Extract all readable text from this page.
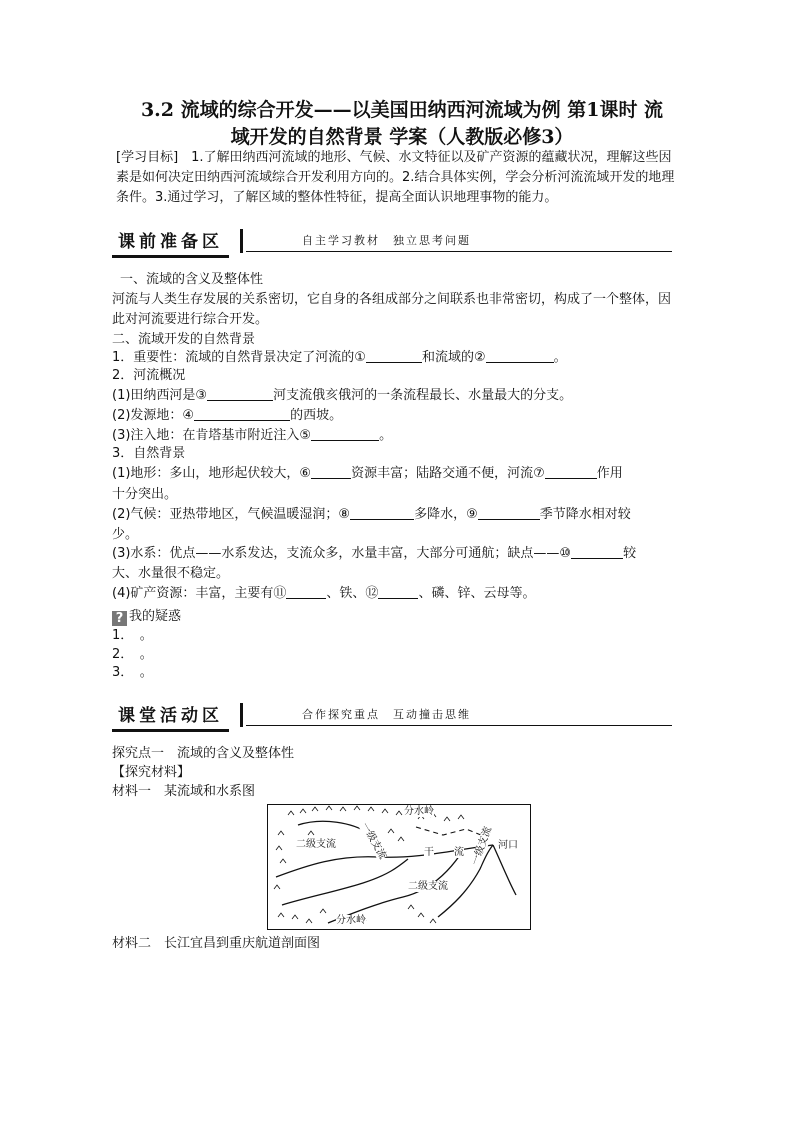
3.2 流域的综合开发——以美国田纳西河流域为例 第1课时 流
域开发的自然背景 学案（人教版必修3）
[学习目标]　1.了解田纳西河流域的地形、气候、水文特征以及矿产资源的蕴藏状况，理解这些因素是如何决定田纳西河流域综合开发利用方向的。2.结合具体实例，学会分析河流流域开发的地理条件。3.通过学习，了解区域的整体性特征，提高全面认识地理事物的能力。
课前准备区	自主学习教材　独立思考问题
一、流域的含义及整体性
河流与人类生存发展的关系密切，它自身的各组成部分之间联系也非常密切，构成了一个整体，因此对河流要进行综合开发。
二、流域开发的自然背景
1．重要性：流域的自然背景决定了河流的①	和流域的②	。
2．河流概况
(1)田纳西河是③	河支流俄亥俄河的一条流程最长、水量最大的分支。
(2)发源地：④	的西坡。
(3)注入地：在肯塔基市附近注入⑤	。
3．自然背景
(1)地形：多山，地形起伏较大，⑥	资源丰富；陆路交通不便，河流⑦	作用
十分突出。
(2)气候：亚热带地区，气候温暖湿润；⑧	多降水，⑨	季节降水相对较
少。
(3)水系：优点——水系发达，支流众多，水量丰富，大部分可通航；缺点——⑩	较
大、水量很不稳定。
(4)矿产资源：丰富，主要有⑪	、铁、⑫	、磷、锌、云母等。
? 我的疑惑
1．　。
2．　。
3．　。
课堂活动区	合作探究重点　互动撞击思维
探究点一　流域的含义及整体性
【探究材料】
材料一　某流域和水系图
分水岭
二级支流 一级支流	干 流
河口
二级支流
一级支流
分水岭
材料二　长江宜昌到重庆航道剖面图
